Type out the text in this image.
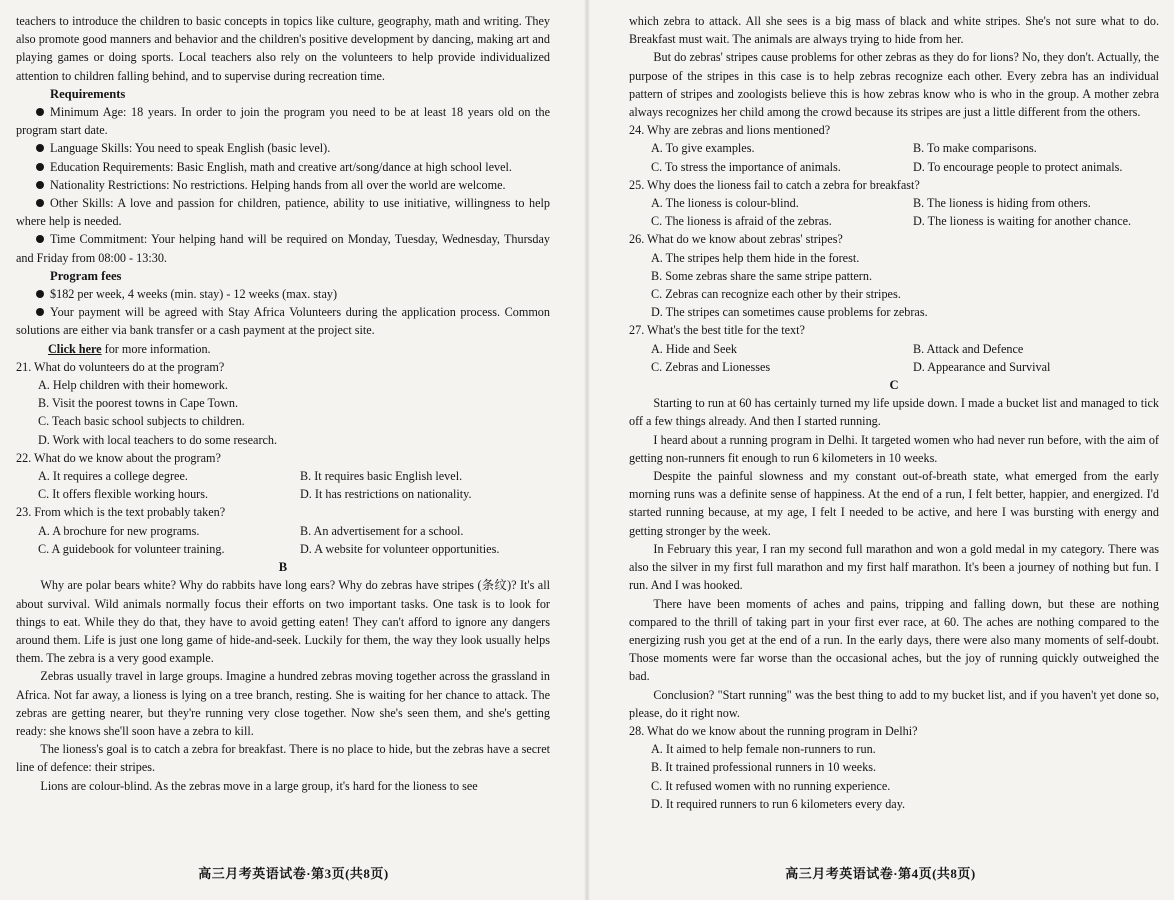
teachers to introduce the children to basic concepts in topics like culture, geography, math and writing. They also promote good manners and behavior and the children's positive development by dancing, making art and playing games or doing sports. Local teachers also rely on the volunteers to help provide individualized attention to children falling behind, and to supervise during recreation time.

Requirements

Minimum Age: 18 years. In order to join the program you need to be at least 18 years old on the program start date.

Language Skills: You need to speak English (basic level).

Education Requirements: Basic English, math and creative art/song/dance at high school level.

Nationality Restrictions: No restrictions. Helping hands from all over the world are welcome.

Other Skills: A love and passion for children, patience, ability to use initiative, willingness to help where help is needed.

Time Commitment: Your helping hand will be required on Monday, Tuesday, Wednesday, Thursday and Friday from 08:00 - 13:30.

Program fees

$182 per week, 4 weeks (min. stay) - 12 weeks (max. stay)

Your payment will be agreed with Stay Africa Volunteers during the application process. Common solutions are either via bank transfer or a cash payment at the project site.

Click here for more information.

21. What do volunteers do at the program?

A. Help children with their homework.
B. Visit the poorest towns in Cape Town.
C. Teach basic school subjects to children.
D. Work with local teachers to do some research.

22. What do we know about the program?

A. It requires a college degree.	B. It requires basic English level.
C. It offers flexible working hours.	D. It has restrictions on nationality.

23. From which is the text probably taken?

A. A brochure for new programs.	B. An advertisement for a school.
C. A guidebook for volunteer training.	D. A website for volunteer opportunities.

B

Why are polar bears white? Why do rabbits have long ears? Why do zebras have stripes (条纹)? It's all about survival. Wild animals normally focus their efforts on two important tasks. One task is to look for things to eat. While they do that, they have to avoid getting eaten! They can't afford to ignore any dangers around them. Life is just one long game of hide-and-seek. Luckily for them, the way they look usually helps them. The zebra is a very good example.

Zebras usually travel in large groups. Imagine a hundred zebras moving together across the grassland in Africa. Not far away, a lioness is lying on a tree branch, resting. She is waiting for her chance to attack. The zebras are getting nearer, but they're running very close together. Now she's seen them, and she's getting ready: she knows she'll soon have a zebra to kill.

The lioness's goal is to catch a zebra for breakfast. There is no place to hide, but the zebras have a secret line of defence: their stripes.

Lions are colour-blind. As the zebras move in a large group, it's hard for the lioness to see

高三月考英语试卷·第3页(共8页)

which zebra to attack. All she sees is a big mass of black and white stripes. She's not sure what to do. Breakfast must wait. The animals are always trying to hide from her.

But do zebras' stripes cause problems for other zebras as they do for lions? No, they don't. Actually, the purpose of the stripes in this case is to help zebras recognize each other. Every zebra has an individual pattern of stripes and zoologists believe this is how zebras know who is who in the group. A mother zebra always recognizes her child among the crowd because its stripes are just a little different from the others.

24. Why are zebras and lions mentioned?

A. To give examples.	B. To make comparisons.
C. To stress the importance of animals.	D. To encourage people to protect animals.

25. Why does the lioness fail to catch a zebra for breakfast?

A. The lioness is colour-blind.	B. The lioness is hiding from others.
C. The lioness is afraid of the zebras.	D. The lioness is waiting for another chance.

26. What do we know about zebras' stripes?

A. The stripes help them hide in the forest.
B. Some zebras share the same stripe pattern.
C. Zebras can recognize each other by their stripes.
D. The stripes can sometimes cause problems for zebras.

27. What's the best title for the text?

A. Hide and Seek	B. Attack and Defence
C. Zebras and Lionesses	D. Appearance and Survival

C

Starting to run at 60 has certainly turned my life upside down. I made a bucket list and managed to tick off a few things already. And then I started running.

I heard about a running program in Delhi. It targeted women who had never run before, with the aim of getting non-runners fit enough to run 6 kilometers in 10 weeks.

Despite the painful slowness and my constant out-of-breath state, what emerged from the early morning runs was a definite sense of happiness. At the end of a run, I felt better, happier, and energized. I'd started running because, at my age, I felt I needed to be active, and here I was bursting with energy and getting stronger by the week.

In February this year, I ran my second full marathon and won a gold medal in my category. There was also the silver in my first full marathon and my first half marathon. It's been a journey of nothing but fun. I run. And I was hooked.

There have been moments of aches and pains, tripping and falling down, but these are nothing compared to the thrill of taking part in your first ever race, at 60. The aches are nothing compared to the energizing rush you get at the end of a run. In the early days, there were also many moments of self-doubt. Those moments were far worse than the occasional aches, but the joy of running quickly outweighed the bad.

Conclusion? "Start running" was the best thing to add to my bucket list, and if you haven't yet done so, please, do it right now.

28. What do we know about the running program in Delhi?

A. It aimed to help female non-runners to run.
B. It trained professional runners in 10 weeks.
C. It refused women with no running experience.
D. It required runners to run 6 kilometers every day.
高三月考英语试卷·第4页(共8页)
